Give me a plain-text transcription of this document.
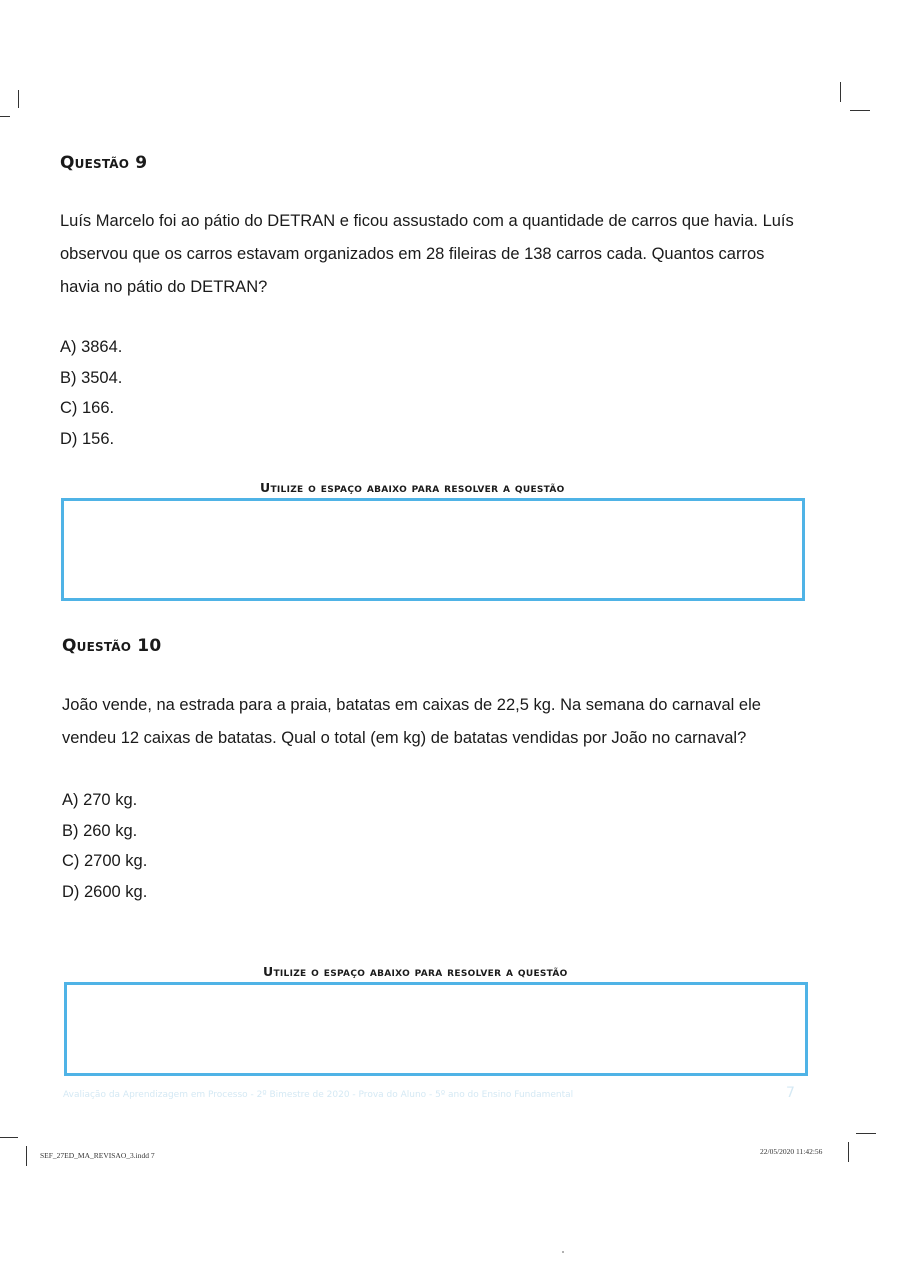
Questão 9

Luís Marcelo foi ao pátio do DETRAN e ficou assustado com a quantidade de carros que havia. Luís observou que os carros estavam organizados em 28 fileiras de 138 carros cada. Quantos carros havia no pátio do DETRAN?

A) 3864.
B) 3504.
C) 166.
D) 156.
Utilize o espaço abaixo para resolver a questão
Questão 10

João vende, na estrada para a praia, batatas em caixas de 22,5 kg. Na semana do carnaval ele vendeu 12 caixas de batatas. Qual o total (em kg) de batatas vendidas por João no carnaval?

A) 270 kg.
B) 260 kg.
C) 2700 kg.
D) 2600 kg.
Utilize o espaço abaixo para resolver a questão
Avaliação da Aprendizagem em Processo - 2º Bimestre de 2020 - Prova do Aluno - 5º ano do Ensino Fundamental	7
SEF_27ED_MA_REVISAO_3.indd 7	22/05/2020 11:42:56
